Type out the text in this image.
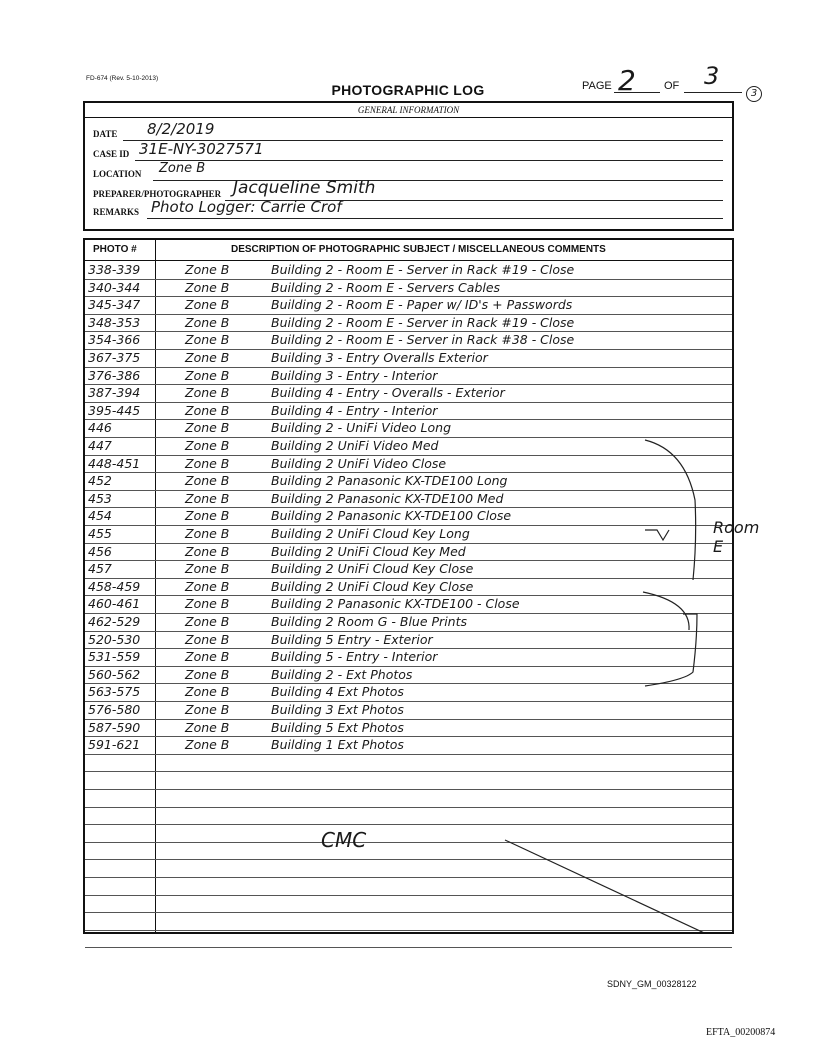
FD-674 (Rev. 5-10-2013)
PHOTOGRAPHIC LOG	PAGE 2	OF 3
3
GENERAL INFORMATION
DATE 8/2/2019
CASE ID 31E-NY-3027571
LOCATION Zone B
PREPARER/PHOTOGRAPHER Jacqueline Smith
REMARKS Photo Logger: Carrie Crof
PHOTO #	DESCRIPTION OF PHOTOGRAPHIC SUBJECT / MISCELLANEOUS COMMENTS
338-339	Zone B	Building 2 - Room E - Server in Rack #19 - Close
340-344	Zone B	Building 2 - Room E - Servers Cables
345-347	Zone B	Building 2 - Room E - Paper w/ ID's + Passwords
348-353	Zone B	Building 2 - Room E - Server in Rack #19 - Close
354-366	Zone B	Building 2 - Room E - Server in Rack #38 - Close
367-375	Zone B	Building 3 - Entry Overalls Exterior
376-386	Zone B	Building 3 - Entry - Interior
387-394	Zone B	Building 4 - Entry - Overalls - Exterior
395-445	Zone B	Building 4 - Entry - Interior
446	Zone B	Building 2 - UniFi Video Long
447	Zone B	Building 2 UniFi Video Med
448-451	Zone B	Building 2 UniFi Video Close
452	Zone B	Building 2 Panasonic KX-TDE100 Long
453	Zone B	Building 2 Panasonic KX-TDE100 Med
454	Zone B	Building 2 Panasonic KX-TDE100 Close
455	Zone B	Building 2 UniFi Cloud Key Long
456	Zone B	Building 2 UniFi Cloud Key Med
457	Zone B	Building 2 UniFi Cloud Key Close
458-459	Zone B	Building 2 UniFi Cloud Key Close
460-461	Zone B	Building 2 Panasonic KX-TDE100 - Close
462-529	Zone B	Building 2 Room G - Blue Prints
520-530	Zone B	Building 5 Entry - Exterior
531-559	Zone B	Building 5 - Entry - Interior
560-562	Zone B	Building 2 - Ext Photos
563-575	Zone B	Building 4 Ext Photos
576-580	Zone B	Building 3 Ext Photos
587-590	Zone B	Building 5 Ext Photos
591-621	Zone B	Building 1 Ext Photos
Room E
CMC
SDNY_GM_00328122
EFTA_00200874
